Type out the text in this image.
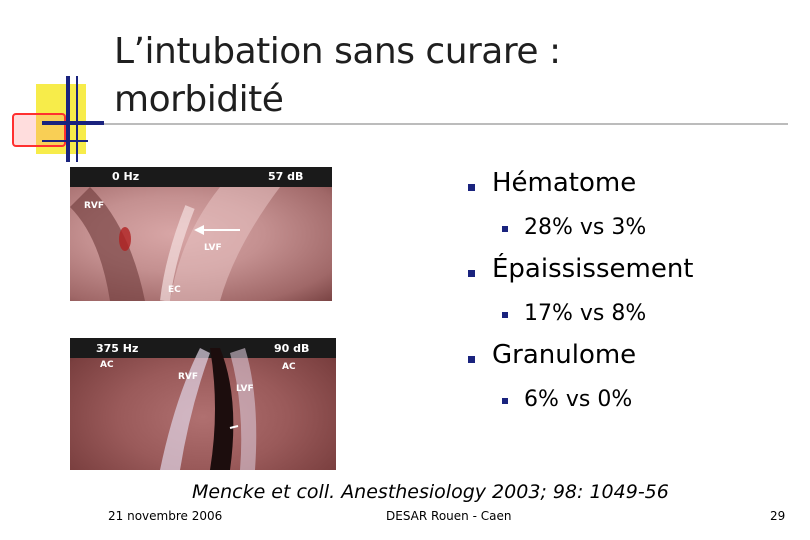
L’intubation sans curare :
morbidité
0 Hz	57 dB
RVF
LVF
EC
375 Hz	90 dB
AC	AC
RVF
LVF
Hématome
28% vs 3%
Épaississement
17% vs 8%
Granulome
6% vs 0%
Mencke et coll. Anesthesiology 2003; 98: 1049-56
21 novembre 2006	DESAR Rouen - Caen	29
